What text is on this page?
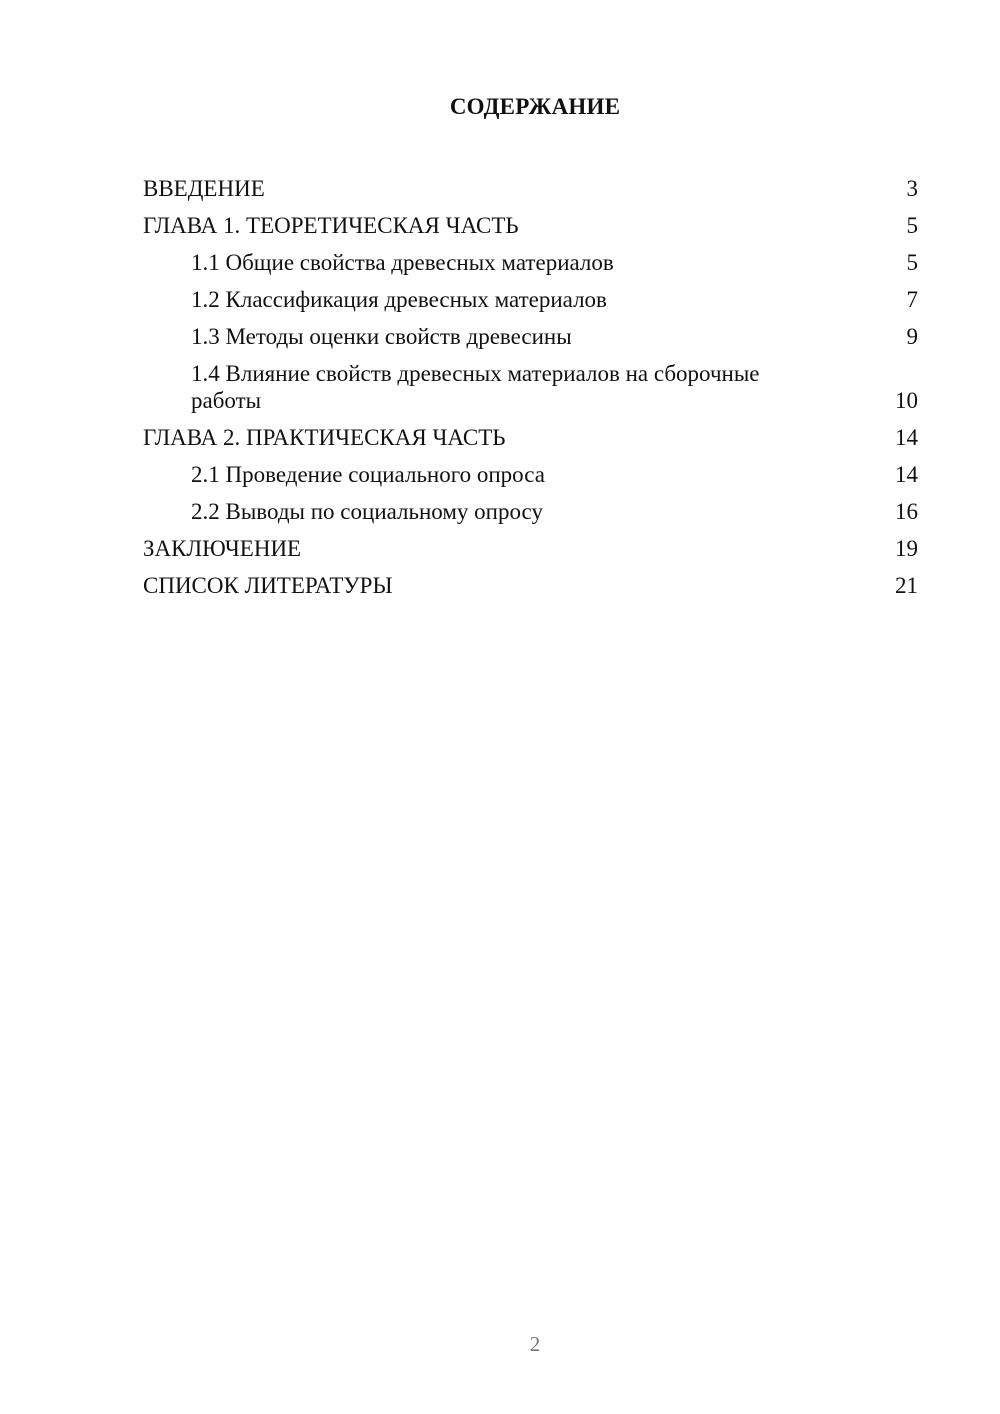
СОДЕРЖАНИЕ
ВВЕДЕНИЕ	3
ГЛАВА 1. ТЕОРЕТИЧЕСКАЯ ЧАСТЬ	5
1.1 Общие свойства древесных материалов	5
1.2 Классификация древесных материалов	7
1.3 Методы оценки свойств древесины	9
1.4 Влияние свойств древесных материалов на сборочные работы	10
ГЛАВА 2. ПРАКТИЧЕСКАЯ ЧАСТЬ	14
2.1 Проведение социального опроса	14
2.2 Выводы по социальному опросу	16
ЗАКЛЮЧЕНИЕ	19
СПИСОК ЛИТЕРАТУРЫ	21
2
